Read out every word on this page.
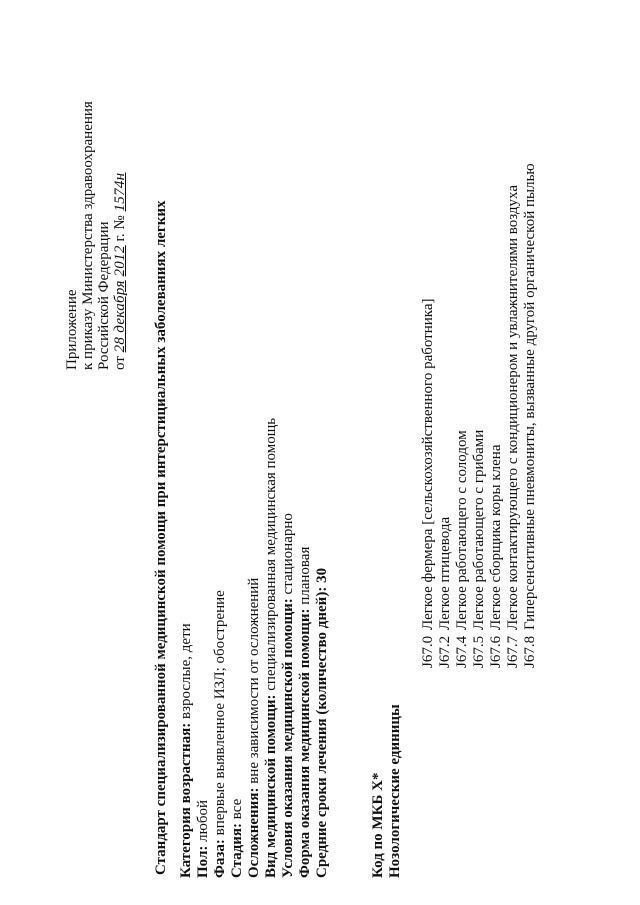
Приложение к приказу Министерства здравоохранения Российской Федерации от 28 декабря 2012 г. № 1574н
Стандарт специализированной медицинской помощи при интерстициальных заболеваниях легких Категория возрастная: взрослые, дети
Пол: любой
Фаза: впервые выявленное ИЗЛ; обострение
Стадия: все Осложнения: вне зависимости от осложнений
Вид медицинской помощи: специализированная медицинская помощь
Условия оказания медицинской помощи: стационарно
Форма оказания медицинской помощи: плановая
Средние сроки лечения (количество дней): 30
Код по МКБ X* Нозологические единицы
J67.0Легкое фермера [сельскохозяйственного работника]
J67.2Легкое птицевода
J67.4Легкое работающего с солодом
J67.5Легкое работающего с грибами
J67.6Легкое сборщика коры клена
J67.7Легкое контактирующего с кондиционером и увлажнителями воздуха
J67.8Гиперсенситивные пневмониты, вызванные другой органической пылью
